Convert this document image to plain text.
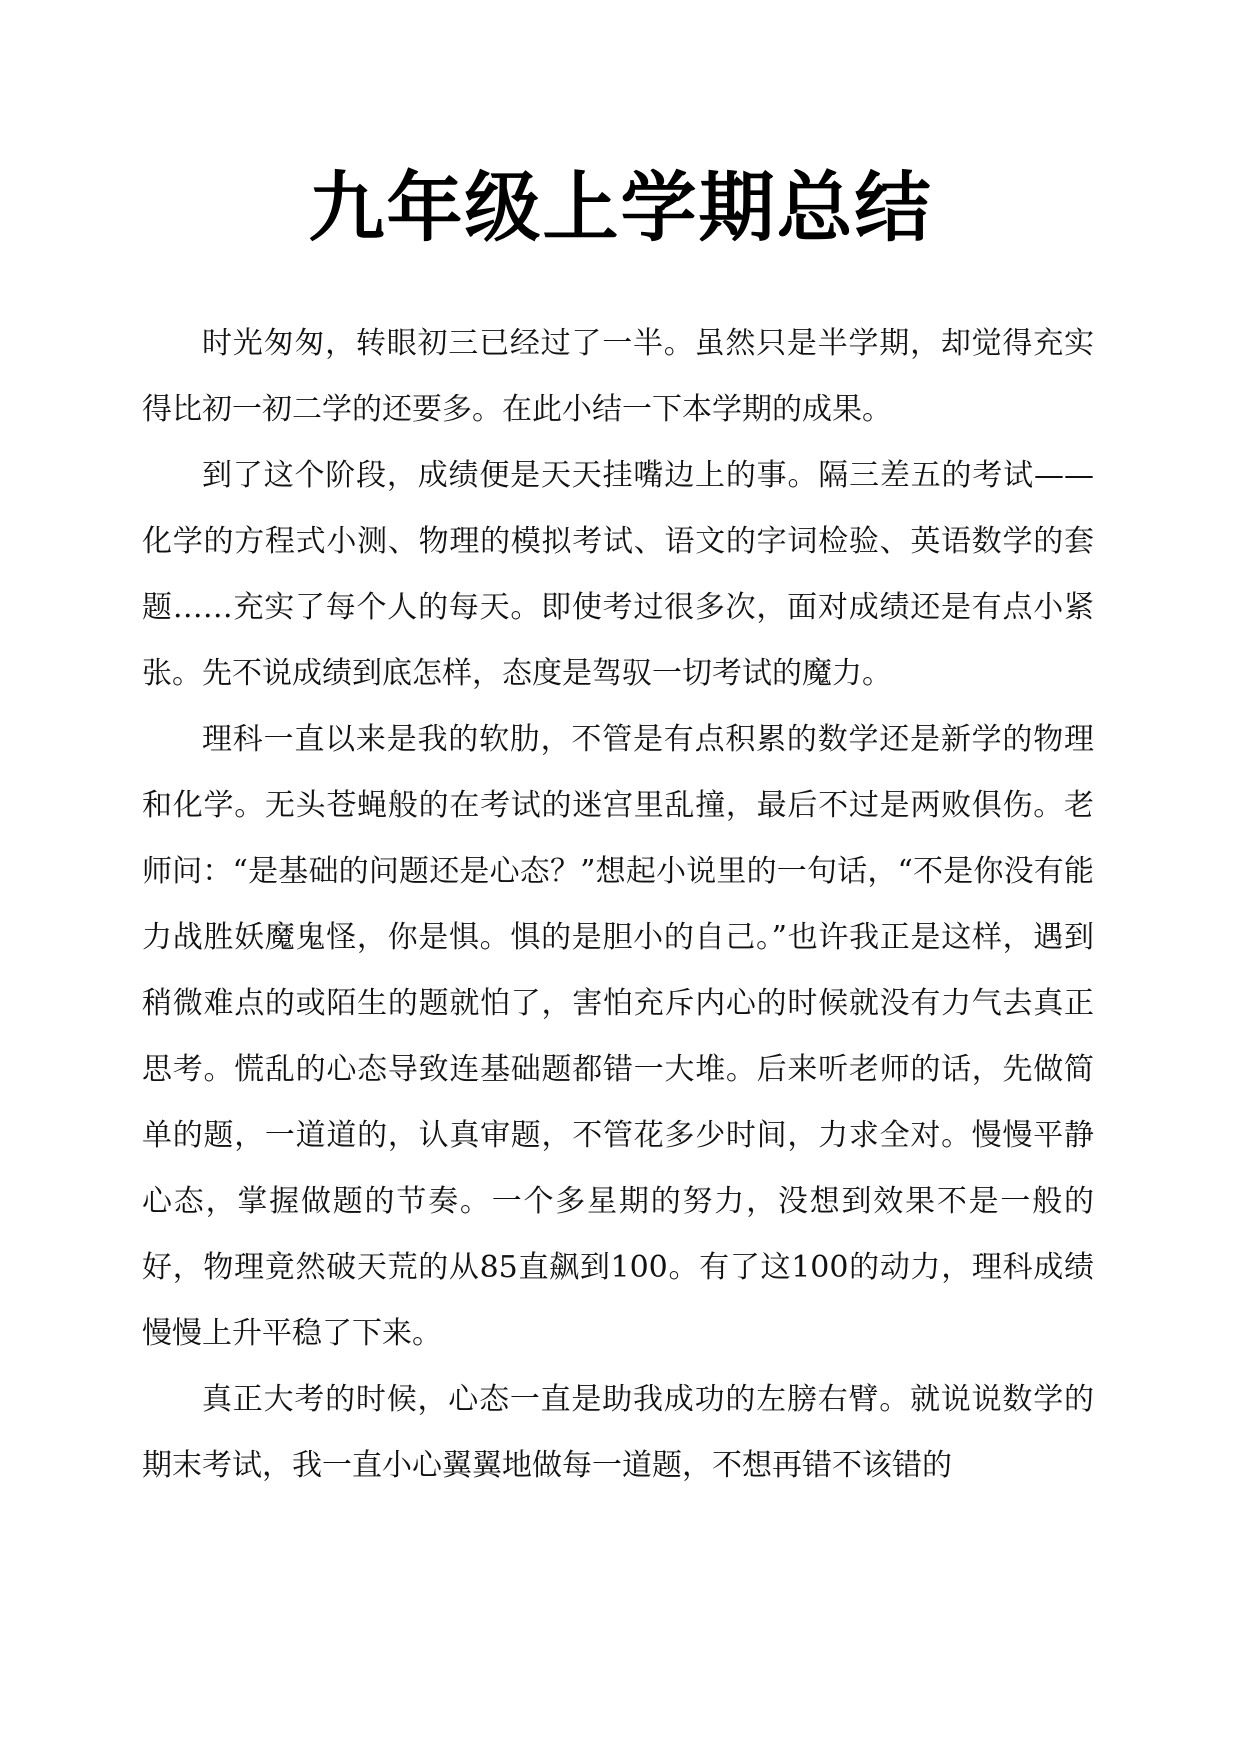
九年级上学期总结

时光匆匆，转眼初三已经过了一半。虽然只是半学期，却觉得充实得比初一初二学的还要多。在此小结一下本学期的成果。

到了这个阶段，成绩便是天天挂嘴边上的事。隔三差五的考试——化学的方程式小测、物理的模拟考试、语文的字词检验、英语数学的套题……充实了每个人的每天。即使考过很多次，面对成绩还是有点小紧张。先不说成绩到底怎样，态度是驾驭一切考试的魔力。

理科一直以来是我的软肋，不管是有点积累的数学还是新学的物理和化学。无头苍蝇般的在考试的迷宫里乱撞，最后不过是两败俱伤。老师问：“是基础的问题还是心态？”想起小说里的一句话，“不是你没有能力战胜妖魔鬼怪，你是惧。惧的是胆小的自己。”也许我正是这样，遇到稍微难点的或陌生的题就怕了，害怕充斥内心的时候就没有力气去真正思考。慌乱的心态导致连基础题都错一大堆。后来听老师的话，先做简单的题，一道道的，认真审题，不管花多少时间，力求全对。慢慢平静心态，掌握做题的节奏。一个多星期的努力，没想到效果不是一般的好，物理竟然破天荒的从85直飙到100。有了这100的动力，理科成绩慢慢上升平稳了下来。

真正大考的时候，心态一直是助我成功的左膀右臂。就说说数学的期末考试，我一直小心翼翼地做每一道题，不想再错不该错的
